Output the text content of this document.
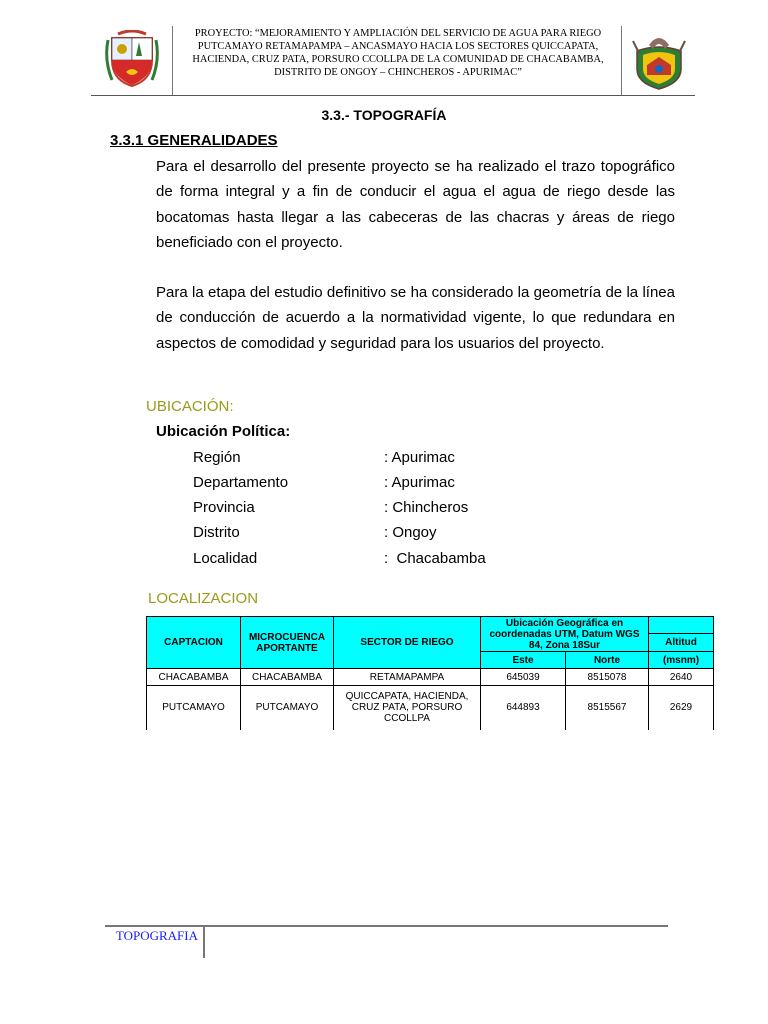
PROYECTO: “MEJORAMIENTO Y AMPLIACIÓN DEL SERVICIO DE AGUA PARA RIEGO PUTCAMAYO RETAMAPAMPA – ANCASMAYO HACIA LOS SECTORES QUICCAPATA, HACIENDA, CRUZ PATA, PORSURO CCOLLPA DE LA COMUNIDAD DE CHACABAMBA, DISTRITO DE ONGOY – CHINCHEROS - APURIMAC”
3.3.- TOPOGRAFÍA
3.3.1 GENERALIDADES
Para el desarrollo del presente proyecto se ha realizado el trazo topográfico de forma integral y a fin de conducir el agua el agua de riego desde las bocatomas hasta llegar a las cabeceras de las chacras y áreas de riego beneficiado con el proyecto.
Para la etapa del estudio definitivo se ha considerado la geometría de la línea de conducción de acuerdo a la normatividad vigente, lo que redundara en aspectos de comodidad y seguridad para los usuarios del proyecto.
UBICACIÓN:
Ubicación Política:
Región	: Apurimac
Departamento	: Apurimac
Provincia	: Chincheros
Distrito	: Ongoy
Localidad	:  Chacabamba
LOCALIZACION
CAPTACION	MICROCUENCA APORTANTE	SECTOR DE RIEGO	Ubicación Geográfica en coordenadas UTM, Datum WGS 84, Zona 18Sur		
					Altitud
			Este	Norte	(msnm)
CHACABAMBA	CHACABAMBA	RETAMAPAMPA	645039	8515078	2640
PUTCAMAYO	PUTCAMAYO	QUICCAPATA, HACIENDA, CRUZ PATA, PORSURO CCOLLPA	644893	8515567	2629
TOPOGRAFIA
